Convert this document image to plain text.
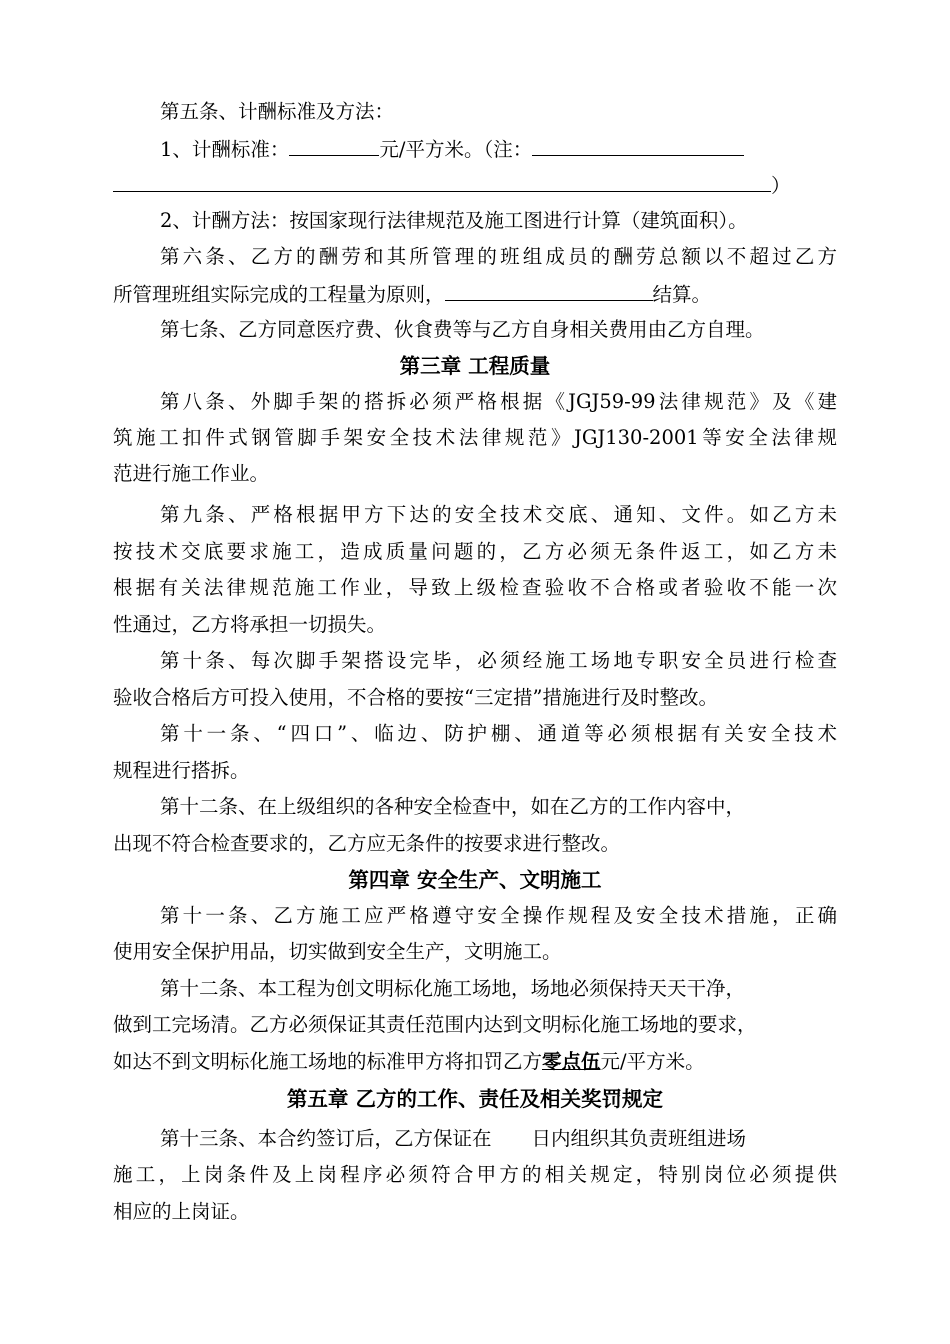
第五条、计酬标准及方法：
1、计酬标准：	元/平方米。（注：
）
2、计酬方法：按国家现行法律规范及施工图进行计算（建筑面积）。
第六条、乙方的酬劳和其所管理的班组成员的酬劳总额以不超过乙方
所管理班组实际完成的工程量为原则，	结算。
第七条、乙方同意医疗费、伙食费等与乙方自身相关费用由乙方自理。
第三章 工程质量
第八条、外脚手架的搭拆必须严格根据《JGJ59-99法律规范》及《建
筑施工扣件式钢管脚手架安全技术法律规范》JGJ130-2001等安全法律规
范进行施工作业。
第九条、严格根据甲方下达的安全技术交底、通知、文件。如乙方未
按技术交底要求施工，造成质量问题的，乙方必须无条件返工，如乙方未
根据有关法律规范施工作业，导致上级检查验收不合格或者验收不能一次
性通过，乙方将承担一切损失。
第十条、每次脚手架搭设完毕，必须经施工场地专职安全员进行检查
验收合格后方可投入使用，不合格的要按“三定措”措施进行及时整改。
第十一条、“四口”、临边、防护棚、通道等必须根据有关安全技术
规程进行搭拆。
第十二条、在上级组织的各种安全检查中，如在乙方的工作内容中，
出现不符合检查要求的，乙方应无条件的按要求进行整改。
第四章 安全生产、文明施工
第十一条、乙方施工应严格遵守安全操作规程及安全技术措施，正确
使用安全保护用品，切实做到安全生产，文明施工。
第十二条、本工程为创文明标化施工场地，场地必须保持天天干净，
做到工完场清。乙方必须保证其责任范围内达到文明标化施工场地的要求，
如达不到文明标化施工场地的标准甲方将扣罚乙方零点伍元/平方米。
第五章 乙方的工作、责任及相关奖罚规定
第十三条、本合约签订后，乙方保证在 日内组织其负责班组进场
施工，上岗条件及上岗程序必须符合甲方的相关规定，特别岗位必须提供
相应的上岗证。
